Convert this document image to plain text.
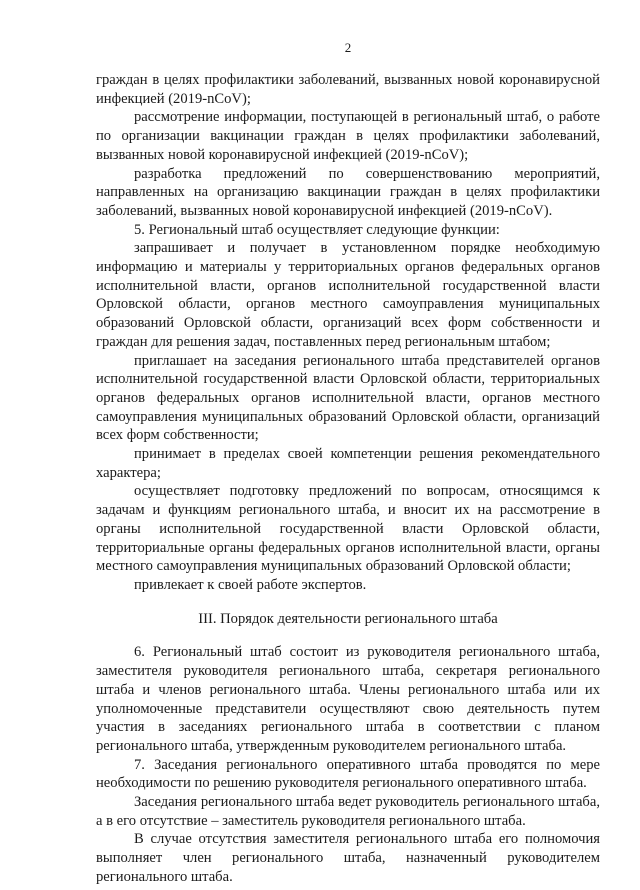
2

граждан в целях профилактики заболеваний, вызванных новой коронавирусной инфекцией (2019-nCoV);

рассмотрение информации, поступающей в региональный штаб, о работе по организации вакцинации граждан в целях профилактики заболеваний, вызванных новой коронавирусной инфекцией (2019-nCoV);

разработка предложений по совершенствованию мероприятий, направленных на организацию вакцинации граждан в целях профилактики заболеваний, вызванных новой коронавирусной инфекцией (2019-nCoV).

5. Региональный штаб осуществляет следующие функции:

запрашивает и получает в установленном порядке необходимую информацию и материалы у территориальных органов федеральных органов исполнительной власти, органов исполнительной государственной власти Орловской области, органов местного самоуправления муниципальных образований Орловской области, организаций всех форм собственности и граждан для решения задач, поставленных перед региональным штабом;

приглашает на заседания регионального штаба представителей органов исполнительной государственной власти Орловской области, территориальных органов федеральных органов исполнительной власти, органов местного самоуправления муниципальных образований Орловской области, организаций всех форм собственности;

принимает в пределах своей компетенции решения рекомендательного характера;

осуществляет подготовку предложений по вопросам, относящимся к задачам и функциям регионального штаба, и вносит их на рассмотрение в органы исполнительной государственной власти Орловской области, территориальные органы федеральных органов исполнительной власти, органы местного самоуправления муниципальных образований Орловской области;

привлекает к своей работе экспертов.

III. Порядок деятельности регионального штаба

6. Региональный штаб состоит из руководителя регионального штаба, заместителя руководителя регионального штаба, секретаря регионального штаба и членов регионального штаба. Члены регионального штаба или их уполномоченные представители осуществляют свою деятельность путем участия в заседаниях регионального штаба в соответствии с планом регионального штаба, утвержденным руководителем регионального штаба.

7. Заседания регионального оперативного штаба проводятся по мере необходимости по решению руководителя регионального оперативного штаба.

Заседания регионального штаба ведет руководитель регионального штаба, а в его отсутствие – заместитель руководителя регионального штаба.

В случае отсутствия заместителя регионального штаба его полномочия выполняет член регионального штаба, назначенный руководителем регионального штаба.
